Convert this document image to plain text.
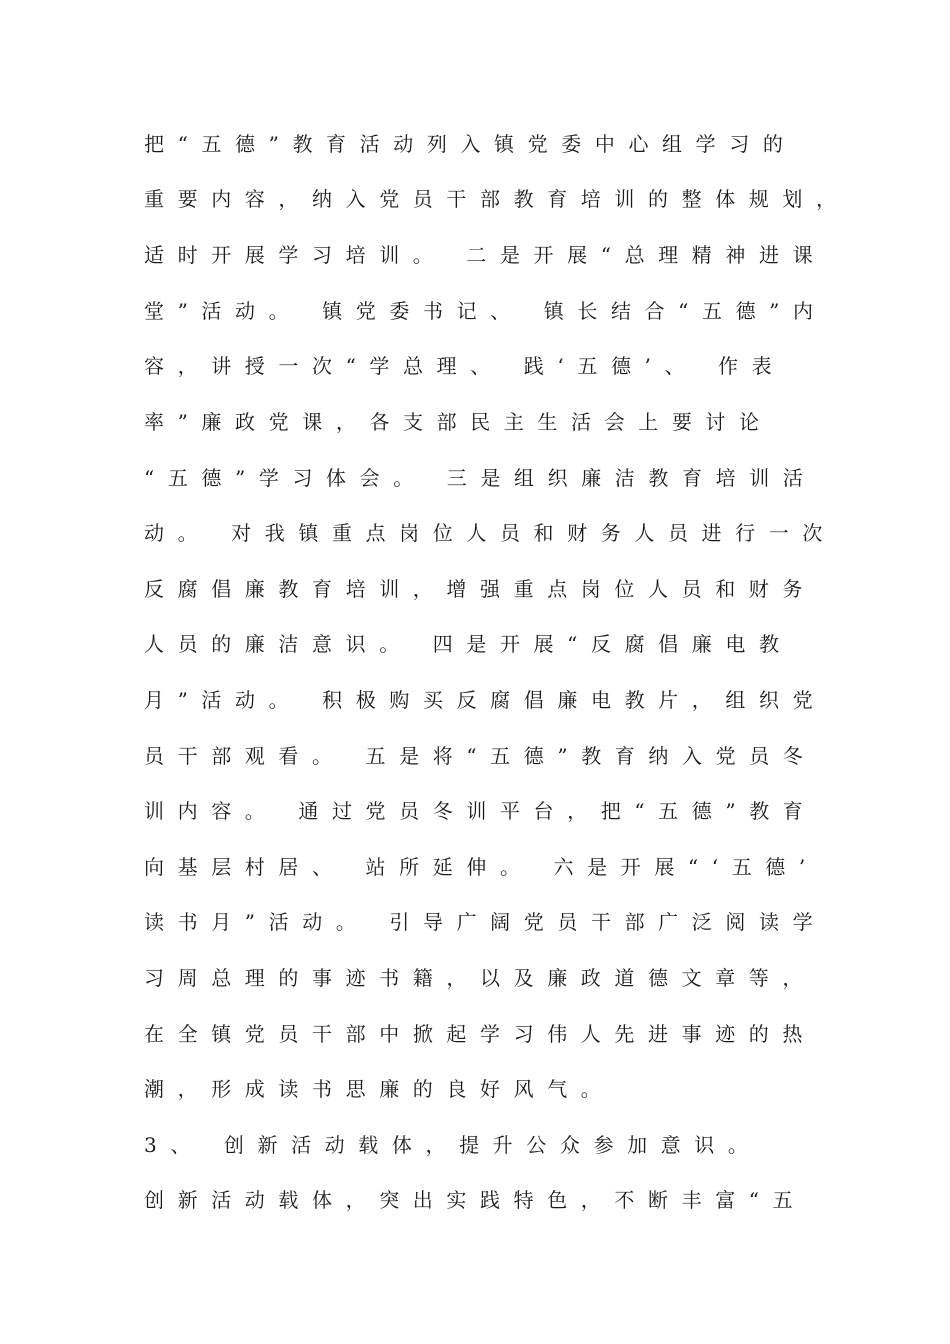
把“五德”教育活动列入镇党委中心组学习的
重要内容，纳入党员干部教育培训的整体规划，
适时开展学习培训。 二是开展“总理精神进课
堂”活动。 镇党委书记、 镇长结合“五德”内
容，讲授一次“学总理、 践‘五德’、 作表
率”廉政党课，各支部民主生活会上要讨论
“五德”学习体会。 三是组织廉洁教育培训活
动。 对我镇重点岗位人员和财务人员进行一次
反腐倡廉教育培训，增强重点岗位人员和财务
人员的廉洁意识。 四是开展“反腐倡廉电教
月”活动。 积极购买反腐倡廉电教片，组织党
员干部观看。 五是将“五德”教育纳入党员冬
训内容。 通过党员冬训平台，把“五德”教育
向基层村居、 站所延伸。 六是开展“‘五德’
读书月”活动。 引导广阔党员干部广泛阅读学
习周总理的事迹书籍，以及廉政道德文章等，
在全镇党员干部中掀起学习伟人先进事迹的热
潮，形成读书思廉的良好风气。
3、 创新活动载体，提升公众参加意识。
创新活动载体，突出实践特色，不断丰富“五
